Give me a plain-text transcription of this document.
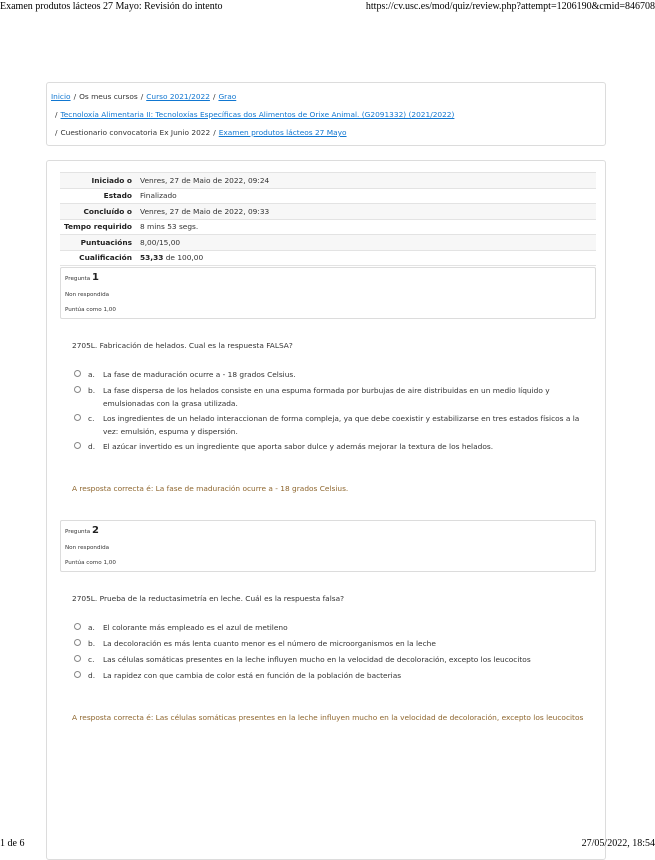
Examen produtos lácteos 27 Mayo: Revisión do intento	https://cv.usc.es/mod/quiz/review.php?attempt=1206190&cmid=846708
Inicio / Os meus cursos / Curso 2021/2022 / Grao
/ Tecnoloxía Alimentaria II: Tecnoloxías Específicas dos Alimentos de Orixe Animal. (G2091332) (2021/2022)
/ Cuestionario convocatoria Ex Junio 2022 / Examen produtos lácteos 27 Mayo
Iniciado o	Venres, 27 de Maio de 2022, 09:24
Estado	Finalizado
Concluído o	Venres, 27 de Maio de 2022, 09:33
Tempo requirido	8 mins 53 segs.
Puntuacións	8,00/15,00
Cualificación	53,33 de 100,00
Pregunta 1
Non respondida
Puntúa como 1,00
2705L. Fabricación de helados. Cual es la respuesta FALSA?
a. La fase de maduración ocurre a - 18 grados Celsius.
b. La fase dispersa de los helados consiste en una espuma formada por burbujas de aire distribuidas en un medio líquido y emulsionadas con la grasa utilizada.
c. Los ingredientes de un helado interaccionan de forma compleja, ya que debe coexistir y estabilizarse en tres estados físicos a la vez: emulsión, espuma y dispersión.
d. El azúcar invertido es un ingrediente que aporta sabor dulce y además mejorar la textura de los helados.
A resposta correcta é: La fase de maduración ocurre a - 18 grados Celsius.
Pregunta 2
Non respondida
Puntúa como 1,00
2705L. Prueba de la reductasimetría en leche. Cuál es la respuesta falsa?
a. El colorante más empleado es el azul de metileno
b. La decoloración es más lenta cuanto menor es el número de microorganismos en la leche
c. Las células somáticas presentes en la leche influyen mucho en la velocidad de decoloración, excepto los leucocitos
d. La rapidez con que cambia de color está en función de la población de bacterias
A resposta correcta é: Las células somáticas presentes en la leche influyen mucho en la velocidad de decoloración, excepto los leucocitos
1 de 6	27/05/2022, 18:54
